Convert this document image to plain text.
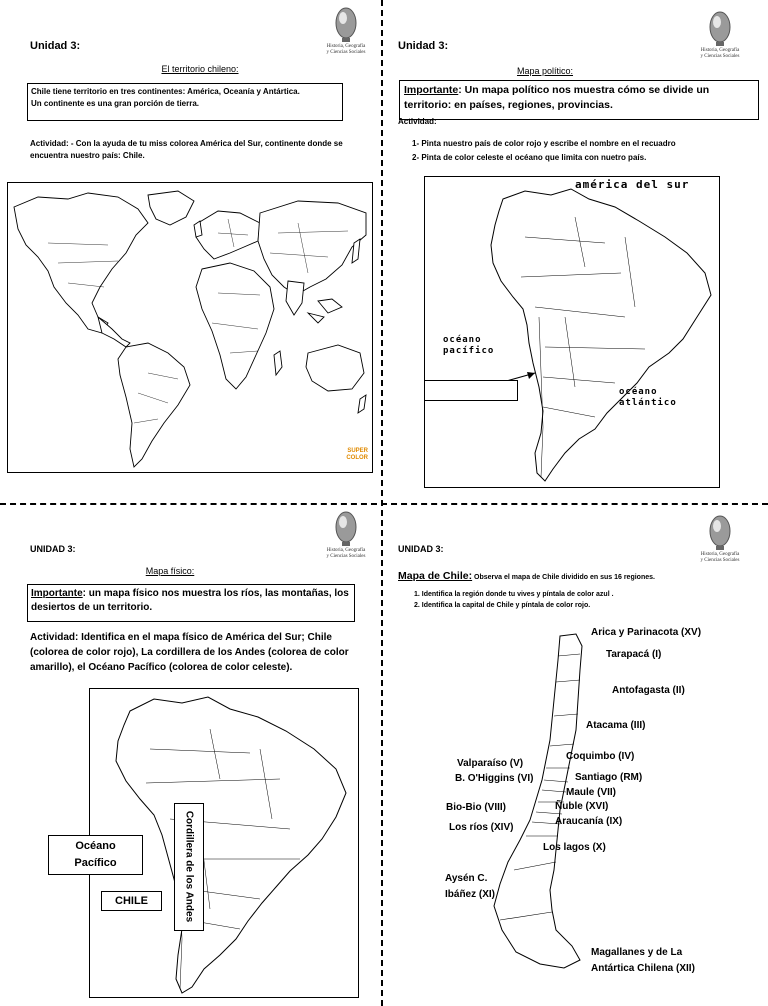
Unidad 3:	Historia, Geografía
y Ciencias Sociales
El territorio chileno:
Chile tiene territorio en tres continentes: América, Oceanía y Antártica.
Un continente es una gran porción de tierra.
Actividad: - Con la ayuda de tu miss colorea América del Sur, continente donde se
encuentra nuestro país: Chile.
SUPER
COLOR
Unidad 3:	Historia, Geografía
y Ciencias Sociales
Mapa político:
Importante: Un mapa político nos muestra cómo se divide un
territorio: en países, regiones, provincias.
Actividad:
1- Pinta nuestro país de color rojo y escribe el nombre en el recuadro
2- Pinta de color celeste el océano que limita con nuetro país.
américa del sur
océano
pacífico
océano
atlántico
UNIDAD 3:	Historia, Geografía
y Ciencias Sociales
Mapa físico:
Importante: un mapa físico nos muestra los ríos, las montañas, los
desiertos de un territorio.
Actividad: Identifica en el mapa físico de América del Sur; Chile
(colorea de color rojo), La cordillera de los Andes (colorea de color
amarillo), el Océano Pacífico (colorea de color celeste).
Océano
Pacífico
CHILE	Cordillera de los Andes
UNIDAD 3:
Historia, Geografía
y Ciencias Sociales
Mapa de Chile: Observa el mapa de Chile dividido en sus 16 regiones.
1. Identifica la región donde tu vives y píntala de color azul .
2. Identifica la capital de Chile y píntala de color rojo.
Arica y Parinacota (XV)
Tarapacá (I)
Antofagasta (II)
Atacama (III)
Coquimbo (IV)
Valparaíso (V)
Santiago (RM)
B. O'Higgins (VI)
Maule (VII)
Bio-Bio (VIII)	Ñuble (XVI)
Araucanía (IX)
Los ríos (XIV)
Los lagos (X)
Aysén C.
Ibáñez (XI)
Magallanes y de La
Antártica Chilena (XII)
